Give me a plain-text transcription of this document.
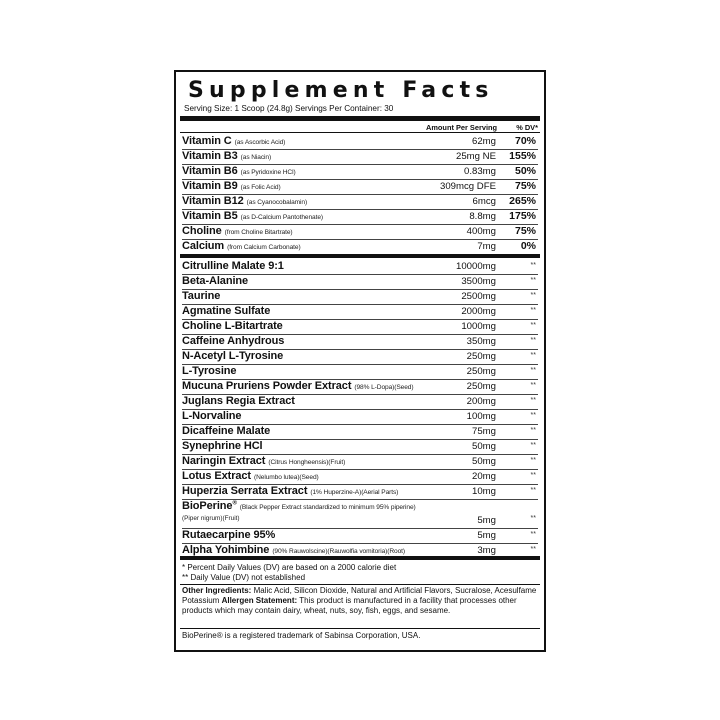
Supplement Facts
Serving Size: 1 Scoop (24.8g) Servings Per Container: 30
Amount Per Serving	% DV*
Vitamin C (as Ascorbic Acid)	62mg 70%
Vitamin B3 (as Niacin)	25mg NE 155%
Vitamin B6 (as Pyridoxine HCl)	0.83mg 50%
Vitamin B9 (as Folic Acid)	309mcg DFE 75%
Vitamin B12 (as Cyanocobalamin)	6mcg 265%
Vitamin B5 (as D-Calcium Pantothenate)	8.8mg 175%
Choline (from Choline Bitartrate)	400mg 75%
Calcium (from Calcium Carbonate)	7mg 0%
Citrulline Malate 9:1	10000mg	**
Beta-Alanine	3500mg	**
Taurine	2500mg	**
Agmatine Sulfate	2000mg	**
Choline L-Bitartrate	1000mg	**
Caffeine Anhydrous	350mg	**
N-Acetyl L-Tyrosine	250mg	**
L-Tyrosine	250mg	**
Mucuna Pruriens Powder Extract (98% L-Dopa)(Seed)	250mg	**
Juglans Regia Extract	200mg	**
L-Norvaline	100mg	**
Dicaffeine Malate	75mg	**
Synephrine HCl	50mg	**
Naringin Extract (Citrus Hongheensis)(Fruit)	50mg	**
Lotus Extract (Nelumbo lutea)(Seed)	20mg	**
Huperzia Serrata Extract (1% Huperzine-A)(Aerial Parts)	10mg	**
BioPerine®(Black Pepper Extract standardized to minimum 95% piperine)
(Piper nigrum)(Fruit)	5mg	**
Rutaecarpine 95%	5mg	**
Alpha Yohimbine (90% Rauwolscine)(Rauwolfia vomitoria)(Root)	3mg	**
* Percent Daily Values (DV) are based on a 2000 calorie diet
** Daily Value (DV) not established
Other Ingredients: Malic Acid, Silicon Dioxide, Natural and Artificial Flavors, Sucralose, Acesulfame Potassium Allergen Statement: This product is manufactured in a facility that processes other products which may contain dairy, wheat, nuts, soy, fish, eggs, and sesame.
BioPerine® is a registered trademark of Sabinsa Corporation, USA.
